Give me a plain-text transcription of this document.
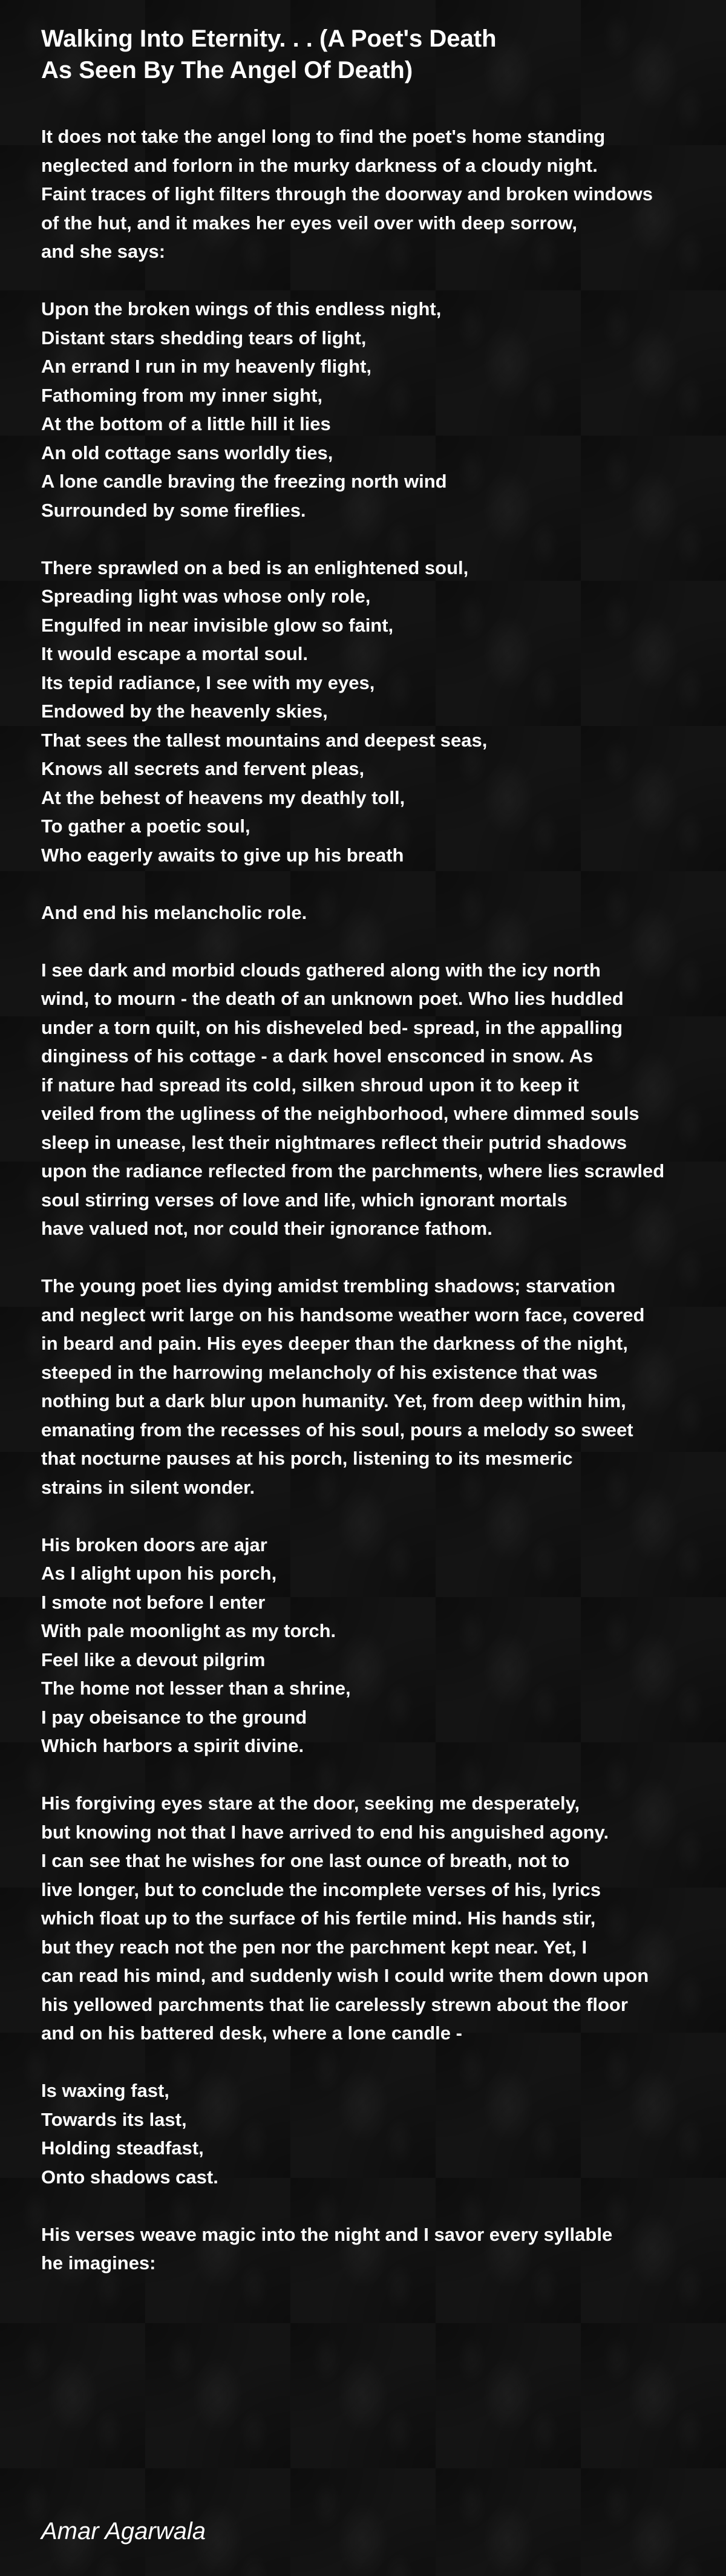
Walking Into Eternity. . . (A Poet's Death
As Seen By The Angel Of Death)
It does not take the angel long to find the poet's home standing
neglected and forlorn in the murky darkness of a cloudy night.
Faint traces of light filters through the doorway and broken windows
of the hut, and it makes her eyes veil over with deep sorrow,
and she says:
Upon the broken wings of this endless night,
Distant stars shedding tears of light,
An errand I run in my heavenly flight,
Fathoming from my inner sight,
At the bottom of a little hill it lies
An old cottage sans worldly ties,
A lone candle braving the freezing north wind
Surrounded by some fireflies.
There sprawled on a bed is an enlightened soul,
Spreading light was whose only role,
Engulfed in near invisible glow so faint,
It would escape a mortal soul.
Its tepid radiance, I see with my eyes,
Endowed by the heavenly skies,
That sees the tallest mountains and deepest seas,
Knows all secrets and fervent pleas,
At the behest of heavens my deathly toll,
To gather a poetic soul,
Who eagerly awaits to give up his breath
And end his melancholic role.
I see dark and morbid clouds gathered along with the icy north
wind, to mourn - the death of an unknown poet. Who lies huddled
under a torn quilt, on his disheveled bed- spread, in the appalling
dinginess of his cottage - a dark hovel ensconced in snow. As
if nature had spread its cold, silken shroud upon it to keep it
veiled from the ugliness of the neighborhood, where dimmed souls
sleep in unease, lest their nightmares reflect their putrid shadows
upon the radiance reflected from the parchments, where lies scrawled
soul stirring verses of love and life, which ignorant mortals
have valued not, nor could their ignorance fathom.
The young poet lies dying amidst trembling shadows; starvation
and neglect writ large on his handsome weather worn face, covered
in beard and pain. His eyes deeper than the darkness of the night,
steeped in the harrowing melancholy of his existence that was
nothing but a dark blur upon humanity. Yet, from deep within him,
emanating from the recesses of his soul, pours a melody so sweet
that nocturne pauses at his porch, listening to its mesmeric
strains in silent wonder.
His broken doors are ajar
As I alight upon his porch,
I smote not before I enter
With pale moonlight as my torch.
Feel like a devout pilgrim
The home not lesser than a shrine,
I pay obeisance to the ground
Which harbors a spirit divine.
His forgiving eyes stare at the door, seeking me desperately,
but knowing not that I have arrived to end his anguished agony.
I can see that he wishes for one last ounce of breath, not to
live longer, but to conclude the incomplete verses of his, lyrics
which float up to the surface of his fertile mind. His hands stir,
but they reach not the pen nor the parchment kept near. Yet, I
can read his mind, and suddenly wish I could write them down upon
his yellowed parchments that lie carelessly strewn about the floor
and on his battered desk, where a lone candle -
Is waxing fast,
Towards its last,
Holding steadfast,
Onto shadows cast.
His verses weave magic into the night and I savor every syllable
he imagines:

Amar Agarwala
